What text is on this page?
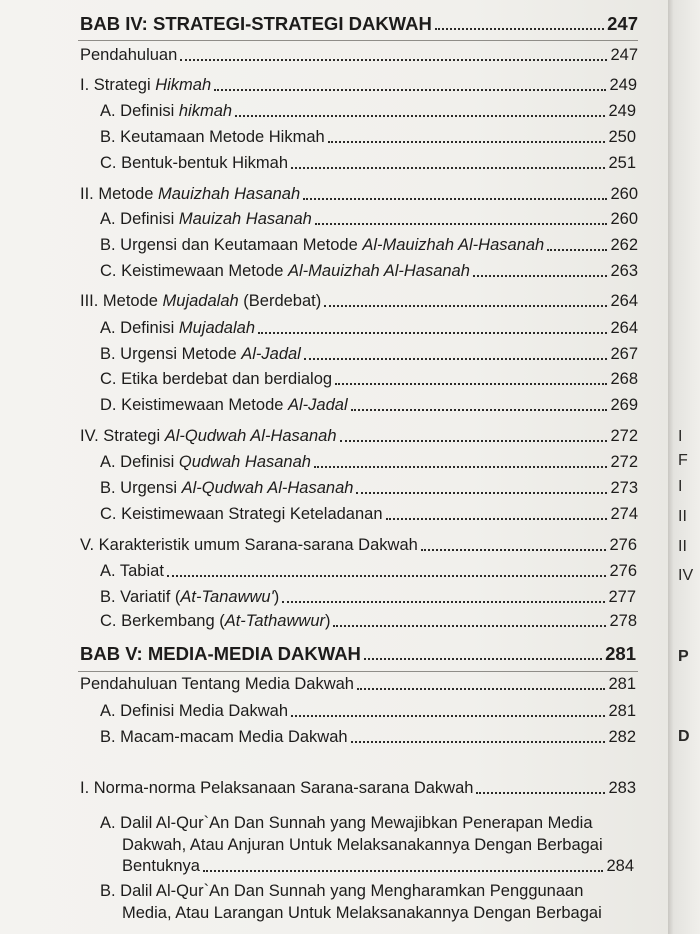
BAB IV: STRATEGI-STRATEGI DAKWAH	247
Pendahuluan	247
I. Strategi Hikmah	249
A. Definisi hikmah	249
B. Keutamaan Metode Hikmah	250
C. Bentuk-bentuk Hikmah	251
II. Metode Mauizhah Hasanah	260
A. Definisi Mauizah Hasanah	260
B. Urgensi dan Keutamaan Metode Al-Mauizhah Al-Hasanah	262
C. Keistimewaan Metode Al-Mauizhah Al-Hasanah	263
III. Metode Mujadalah (Berdebat)	264
A. Definisi Mujadalah	264
B. Urgensi Metode Al-Jadal	267
C. Etika berdebat dan berdialog	268
D. Keistimewaan Metode Al-Jadal	269
IV. Strategi Al-Qudwah Al-Hasanah	272
A. Definisi Qudwah Hasanah	272
B. Urgensi Al-Qudwah Al-Hasanah	273
C. Keistimewaan Strategi Keteladanan	274
V. Karakteristik umum Sarana-sarana Dakwah	276
A. Tabiat	276
B. Variatif (At-Tanawwu')	277
C. Berkembang (At-Tathawwur)	278
BAB V: MEDIA-MEDIA DAKWAH	281
Pendahuluan Tentang Media Dakwah	281
A. Definisi Media Dakwah	281
B. Macam-macam Media Dakwah	282
I. Norma-norma Pelaksanaan Sarana-sarana Dakwah	283
A. Dalil Al-Qur`An Dan Sunnah yang Mewajibkan Penerapan Media
Dakwah, Atau Anjuran Untuk Melaksanakannya Dengan Berbagai
Bentuknya	284
B. Dalil Al-Qur`An Dan Sunnah yang Mengharamkan Penggunaan
Media, Atau Larangan Untuk Melaksanakannya Dengan Berbagai
I
F
I
II
II
IV
P
D
